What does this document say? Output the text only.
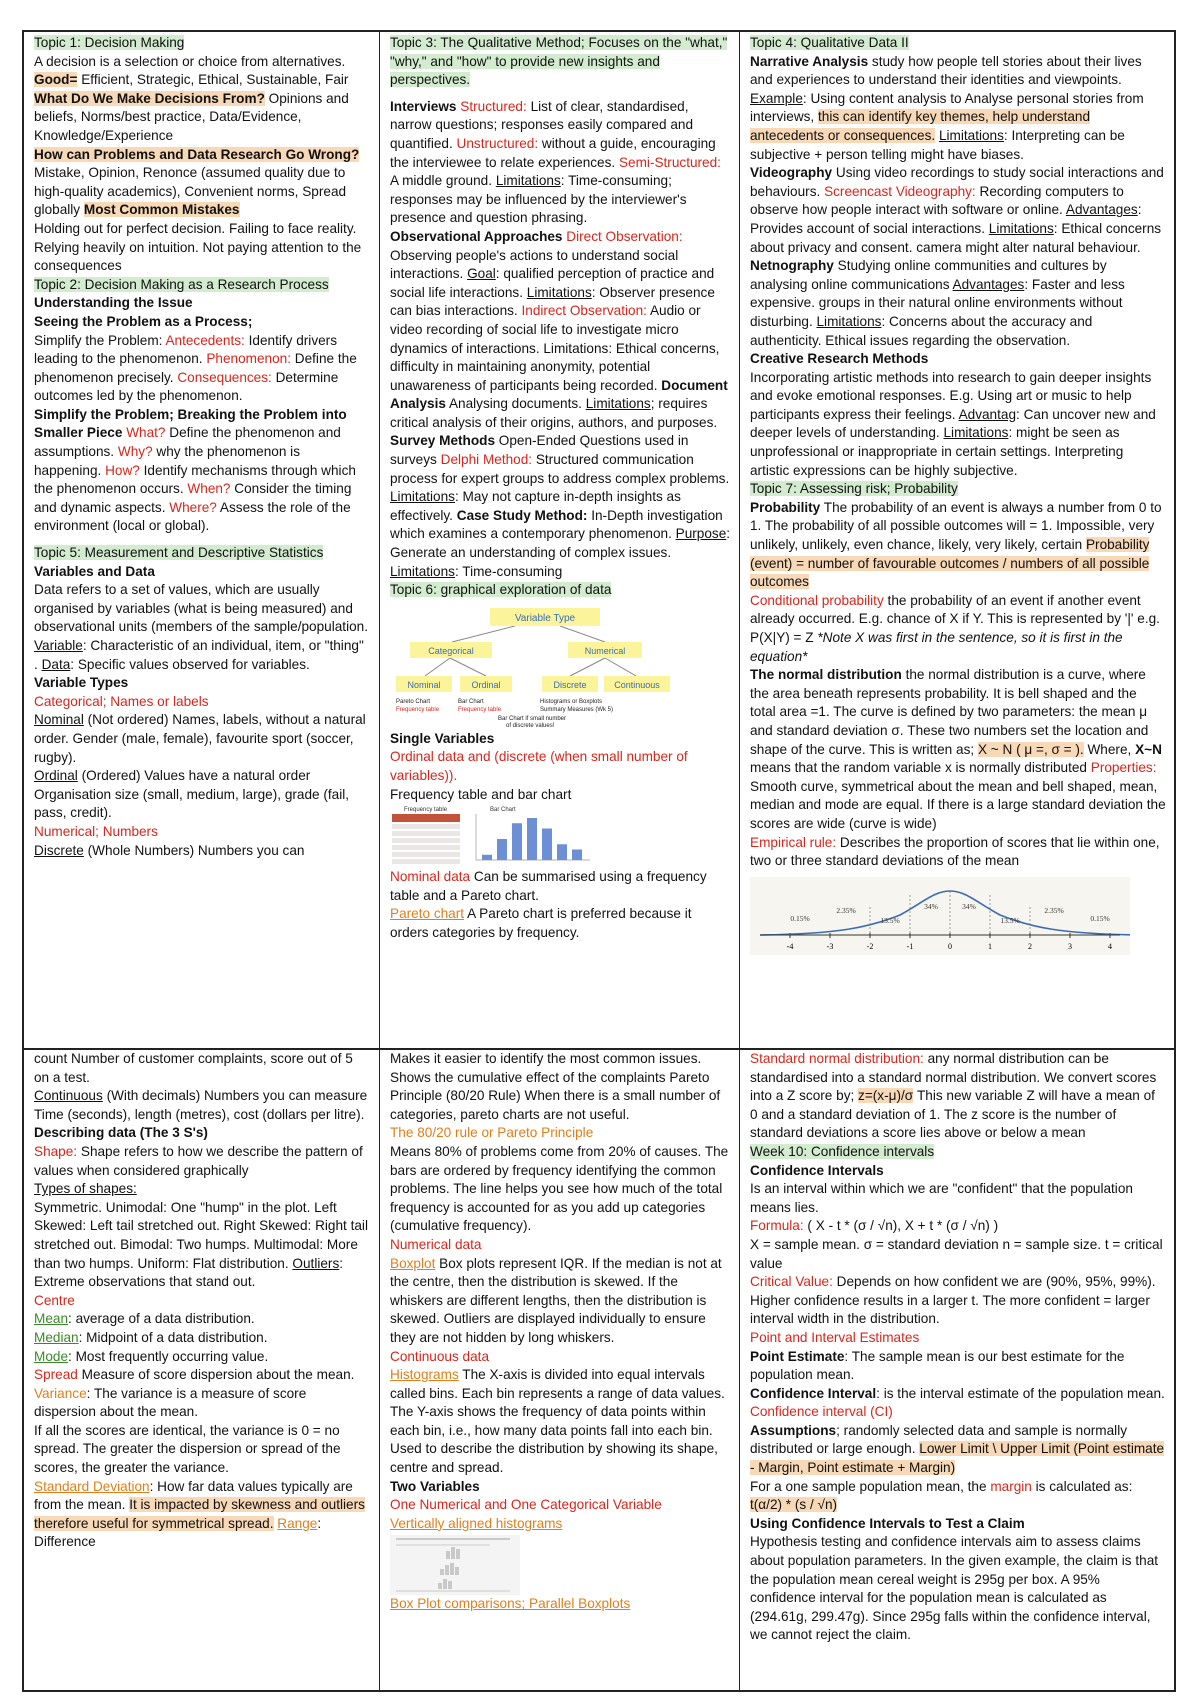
Topic 1: Decision Making

A decision is a selection or choice from alternatives. Good= Efficient, Strategic, Ethical, Sustainable, Fair What Do We Make Decisions From? Opinions and beliefs, Norms/best practice, Data/Evidence, Knowledge/Experience

How can Problems and Data Research Go Wrong? Mistake, Opinion, Renonce (assumed quality due to high-quality academics), Convenient norms, Spread globally Most Common Mistakes

Holding out for perfect decision. Failing to face reality. Relying heavily on intuition. Not paying attention to the consequences

Topic 2: Decision Making as a Research Process Understanding the Issue

Seeing the Problem as a Process;

Simplify the Problem: Antecedents: Identify drivers leading to the phenomenon. Phenomenon: Define the phenomenon precisely. Consequences: Determine outcomes led by the phenomenon.

Simplify the Problem; Breaking the Problem into Smaller Piece What? Define the phenomenon and assumptions. Why? why the phenomenon is happening. How? Identify mechanisms through which the phenomenon occurs. When? Consider the timing and dynamic aspects. Where? Assess the role of the environment (local or global).

Topic 5: Measurement and Descriptive Statistics

Variables and Data

Data refers to a set of values, which are usually organised by variables (what is being measured) and observational units (members of the sample/population.

Variable: Characteristic of an individual, item, or "thing" . Data: Specific values observed for variables.

Variable Types

Categorical; Names or labels

Nominal (Not ordered) Names, labels, without a natural order. Gender (male, female), favourite sport (soccer, rugby).

Ordinal (Ordered) Values have a natural order Organisation size (small, medium, large), grade (fail, pass, credit).

Numerical; Numbers

Discrete (Whole Numbers) Numbers you can

Topic 3: The Qualitative Method; Focuses on the "what," "why," and "how" to provide new insights and perspectives.

Interviews Structured: List of clear, standardised, narrow questions; responses easily compared and quantified. Unstructured: without a guide, encouraging the interviewee to relate experiences. Semi-Structured: A middle ground. Limitations: Time-consuming; responses may be influenced by the interviewer's presence and question phrasing.

Observational Approaches Direct Observation: Observing people's actions to understand social interactions. Goal: qualified perception of practice and social life interactions. Limitations: Observer presence can bias interactions. Indirect Observation: Audio or video recording of social life to investigate micro dynamics of interactions. Limitations: Ethical concerns, difficulty in maintaining anonymity, potential unawareness of participants being recorded. Document Analysis Analysing documents. Limitations; requires critical analysis of their origins, authors, and purposes. Survey Methods Open-Ended Questions used in surveys Delphi Method: Structured communication process for expert groups to address complex problems. Limitations: May not capture in-depth insights as effectively. Case Study Method: In-Depth investigation which examines a contemporary phenomenon. Purpose: Generate an understanding of complex issues. Limitations: Time-consuming

Topic 6: graphical exploration of data

Variable Type
Categorical	Numerical
Nominal	Ordinal	Discrete	Continuous
Pareto Chart
Frequency table
Bar Chart
Frequency table
Histograms or Boxplots
Summary Measures (Wk 5)
Bar Chart if small number
of discrete values!

Single Variables

Ordinal data and (discrete (when small number of variables)).

Frequency table and bar chart

Frequency table	Bar Chart

Nominal data Can be summarised using a frequency table and a Pareto chart.

Pareto chart A Pareto chart is preferred because it orders categories by frequency.

Topic 4: Qualitative Data II

Narrative Analysis study how people tell stories about their lives and experiences to understand their identities and viewpoints. Example: Using content analysis to Analyse personal stories from interviews, this can identify key themes, help understand antecedents or consequences. Limitations: Interpreting can be subjective + person telling might have biases.

Videography Using video recordings to study social interactions and behaviours. Screencast Videography: Recording computers to observe how people interact with software or online. Advantages: Provides account of social interactions. Limitations: Ethical concerns about privacy and consent. camera might alter natural behaviour.

Netnography Studying online communities and cultures by analysing online communications Advantages: Faster and less expensive. groups in their natural online environments without disturbing. Limitations: Concerns about the accuracy and authenticity. Ethical issues regarding the observation.

Creative Research Methods

Incorporating artistic methods into research to gain deeper insights and evoke emotional responses. E.g. Using art or music to help participants express their feelings. Advantag: Can uncover new and deeper levels of understanding. Limitations: might be seen as unprofessional or inappropriate in certain settings. Interpreting artistic expressions can be highly subjective.

Topic 7: Assessing risk; Probability

Probability The probability of an event is always a number from 0 to 1. The probability of all possible outcomes will = 1. Impossible, very unlikely, unlikely, even chance, likely, very likely, certain Probability (event) = number of favourable outcomes / numbers of all possible outcomes

Conditional probability the probability of an event if another event already occurred. E.g. chance of X if Y. This is represented by '|' e.g. P(X|Y) = Z *Note X was first in the sentence, so it is first in the equation*

The normal distribution the normal distribution is a curve, where the area beneath represents probability. It is bell shaped and the total area =1. The curve is defined by two parameters: the mean μ and standard deviation σ. These two numbers set the location and shape of the curve. This is written as; X ~ N ( μ =, σ = ). Where, X~N means that the random variable x is normally distributed Properties: Smooth curve, symmetrical about the mean and bell shaped, mean, median and mode are equal. If there is a large standard deviation the scores are wide (curve is wide)

Empirical rule: Describes the proportion of scores that lie within one, two or three standard deviations of the mean

-4	-3	-2	-1	0	1	2	3	4
0.15%
2.35%
13.5%
34%	34%
13.5%
2.35%
0.15%

count Number of customer complaints, score out of 5 on a test.

Continuous (With decimals) Numbers you can measure Time (seconds), length (metres), cost (dollars per litre).

Describing data (The 3 S's)

Shape: Shape refers to how we describe the pattern of values when considered graphically

Types of shapes:

Symmetric. Unimodal: One "hump" in the plot. Left Skewed: Left tail stretched out. Right Skewed: Right tail stretched out. Bimodal: Two humps. Multimodal: More than two humps. Uniform: Flat distribution. Outliers: Extreme observations that stand out.

Centre

Mean: average of a data distribution.

Median: Midpoint of a data distribution.

Mode: Most frequently occurring value.

Spread Measure of score dispersion about the mean. Variance: The variance is a measure of score dispersion about the mean.

If all the scores are identical, the variance is 0 = no spread. The greater the dispersion or spread of the scores, the greater the variance.

Standard Deviation: How far data values typically are from the mean. It is impacted by skewness and outliers therefore useful for symmetrical spread. Range: Difference

Makes it easier to identify the most common issues. Shows the cumulative effect of the complaints Pareto Principle (80/20 Rule) When there is a small number of categories, pareto charts are not useful.

The 80/20 rule or Pareto Principle

Means 80% of problems come from 20% of causes. The bars are ordered by frequency identifying the common problems. The line helps you see how much of the total frequency is accounted for as you add up categories (cumulative frequency).

Numerical data

Boxplot Box plots represent IQR. If the median is not at the centre, then the distribution is skewed. If the whiskers are different lengths, then the distribution is skewed. Outliers are displayed individually to ensure they are not hidden by long whiskers.

Continuous data

Histograms The X-axis is divided into equal intervals called bins. Each bin represents a range of data values. The Y-axis shows the frequency of data points within each bin, i.e., how many data points fall into each bin. Used to describe the distribution by showing its shape, centre and spread.

Two Variables

One Numerical and One Categorical Variable

Vertically aligned histograms

Box Plot comparisons; Parallel Boxplots

Standard normal distribution: any normal distribution can be standardised into a standard normal distribution. We convert scores into a Z score by; z=(x-μ)/σ This new variable Z will have a mean of 0 and a standard deviation of 1. The z score is the number of standard deviations a score lies above or below a mean

Week 10: Confidence intervals

Confidence Intervals

Is an interval within which we are "confident" that the population means lies.

Formula: ( X - t * (σ / √n), X + t * (σ / √n) )

X = sample mean. σ = standard deviation n = sample size. t = critical value

Critical Value: Depends on how confident we are (90%, 95%, 99%). Higher confidence results in a larger t. The more confident = larger interval width in the distribution.

Point and Interval Estimates

Point Estimate: The sample mean is our best estimate for the population mean.

Confidence Interval: is the interval estimate of the population mean.

Confidence interval (CI)

Assumptions; randomly selected data and sample is normally distributed or large enough. Lower Limit \ Upper Limit (Point estimate - Margin, Point estimate + Margin)

For a one sample population mean, the margin is calculated as: t(α/2) * (s / √n)

Using Confidence Intervals to Test a Claim

Hypothesis testing and confidence intervals aim to assess claims about population parameters. In the given example, the claim is that the population mean cereal weight is 295g per box. A 95% confidence interval for the population mean is calculated as (294.61g, 299.47g). Since 295g falls within the confidence interval, we cannot reject the claim.
